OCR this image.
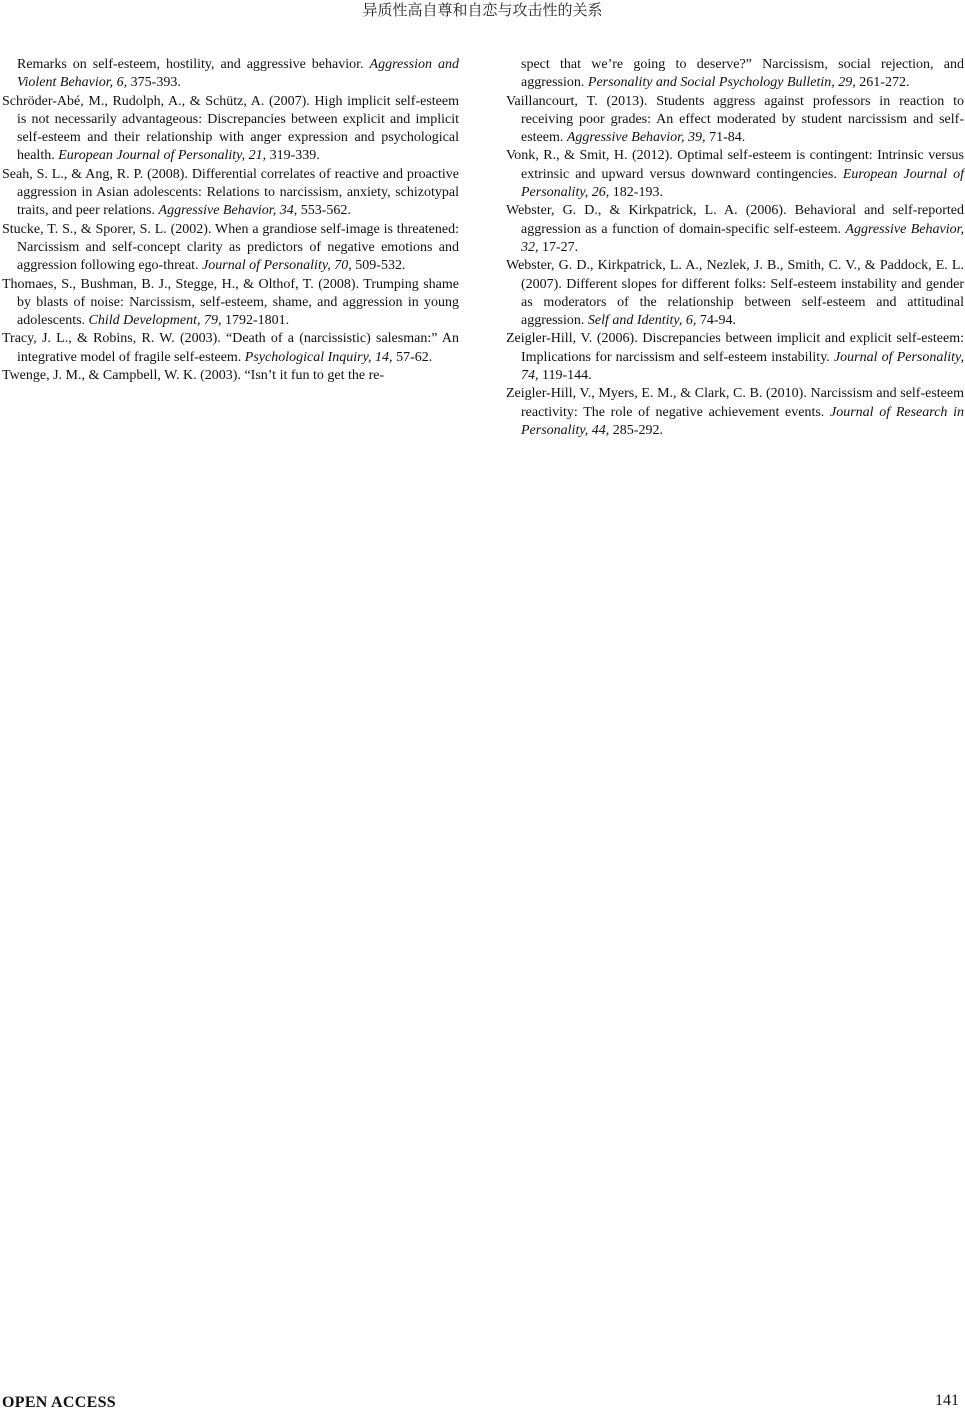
异质性高自尊和自恋与攻击性的关系

Remarks on self-esteem, hostility, and aggressive behavior. Aggression and Violent Behavior, 6, 375-393.

Schröder-Abé, M., Rudolph, A., & Schütz, A. (2007). High implicit self-esteem is not necessarily advantageous: Discrepancies between explicit and implicit self-esteem and their relationship with anger expression and psychological health. European Journal of Personality, 21, 319-339.

Seah, S. L., & Ang, R. P. (2008). Differential correlates of reactive and proactive aggression in Asian adolescents: Relations to narcissism, anxiety, schizotypal traits, and peer relations. Aggressive Behavior, 34, 553-562.

Stucke, T. S., & Sporer, S. L. (2002). When a grandiose self-image is threatened: Narcissism and self-concept clarity as predictors of negative emotions and aggression following ego-threat. Journal of Personality, 70, 509-532.

Thomaes, S., Bushman, B. J., Stegge, H., & Olthof, T. (2008). Trumping shame by blasts of noise: Narcissism, self-esteem, shame, and aggression in young adolescents. Child Development, 79, 1792-1801.

Tracy, J. L., & Robins, R. W. (2003). “Death of a (narcissistic) salesman:” An integrative model of fragile self-esteem. Psychological Inquiry, 14, 57-62.

Twenge, J. M., & Campbell, W. K. (2003). “Isn’t it fun to get the re-

spect that we’re going to deserve?” Narcissism, social rejection, and aggression. Personality and Social Psychology Bulletin, 29, 261-272.

Vaillancourt, T. (2013). Students aggress against professors in reaction to receiving poor grades: An effect moderated by student narcissism and self-esteem. Aggressive Behavior, 39, 71-84.

Vonk, R., & Smit, H. (2012). Optimal self-esteem is contingent: Intrinsic versus extrinsic and upward versus downward contingencies. European Journal of Personality, 26, 182-193.

Webster, G. D., & Kirkpatrick, L. A. (2006). Behavioral and self-reported aggression as a function of domain-specific self-esteem. Aggressive Behavior, 32, 17-27.

Webster, G. D., Kirkpatrick, L. A., Nezlek, J. B., Smith, C. V., & Paddock, E. L. (2007). Different slopes for different folks: Self-esteem instability and gender as moderators of the relationship between self-esteem and attitudinal aggression. Self and Identity, 6, 74-94.

Zeigler-Hill, V. (2006). Discrepancies between implicit and explicit self-esteem: Implications for narcissism and self-esteem instability. Journal of Personality, 74, 119-144.

Zeigler-Hill, V., Myers, E. M., & Clark, C. B. (2010). Narcissism and self-esteem reactivity: The role of negative achievement events. Journal of Research in Personality, 44, 285-292.

OPEN ACCESS	141
